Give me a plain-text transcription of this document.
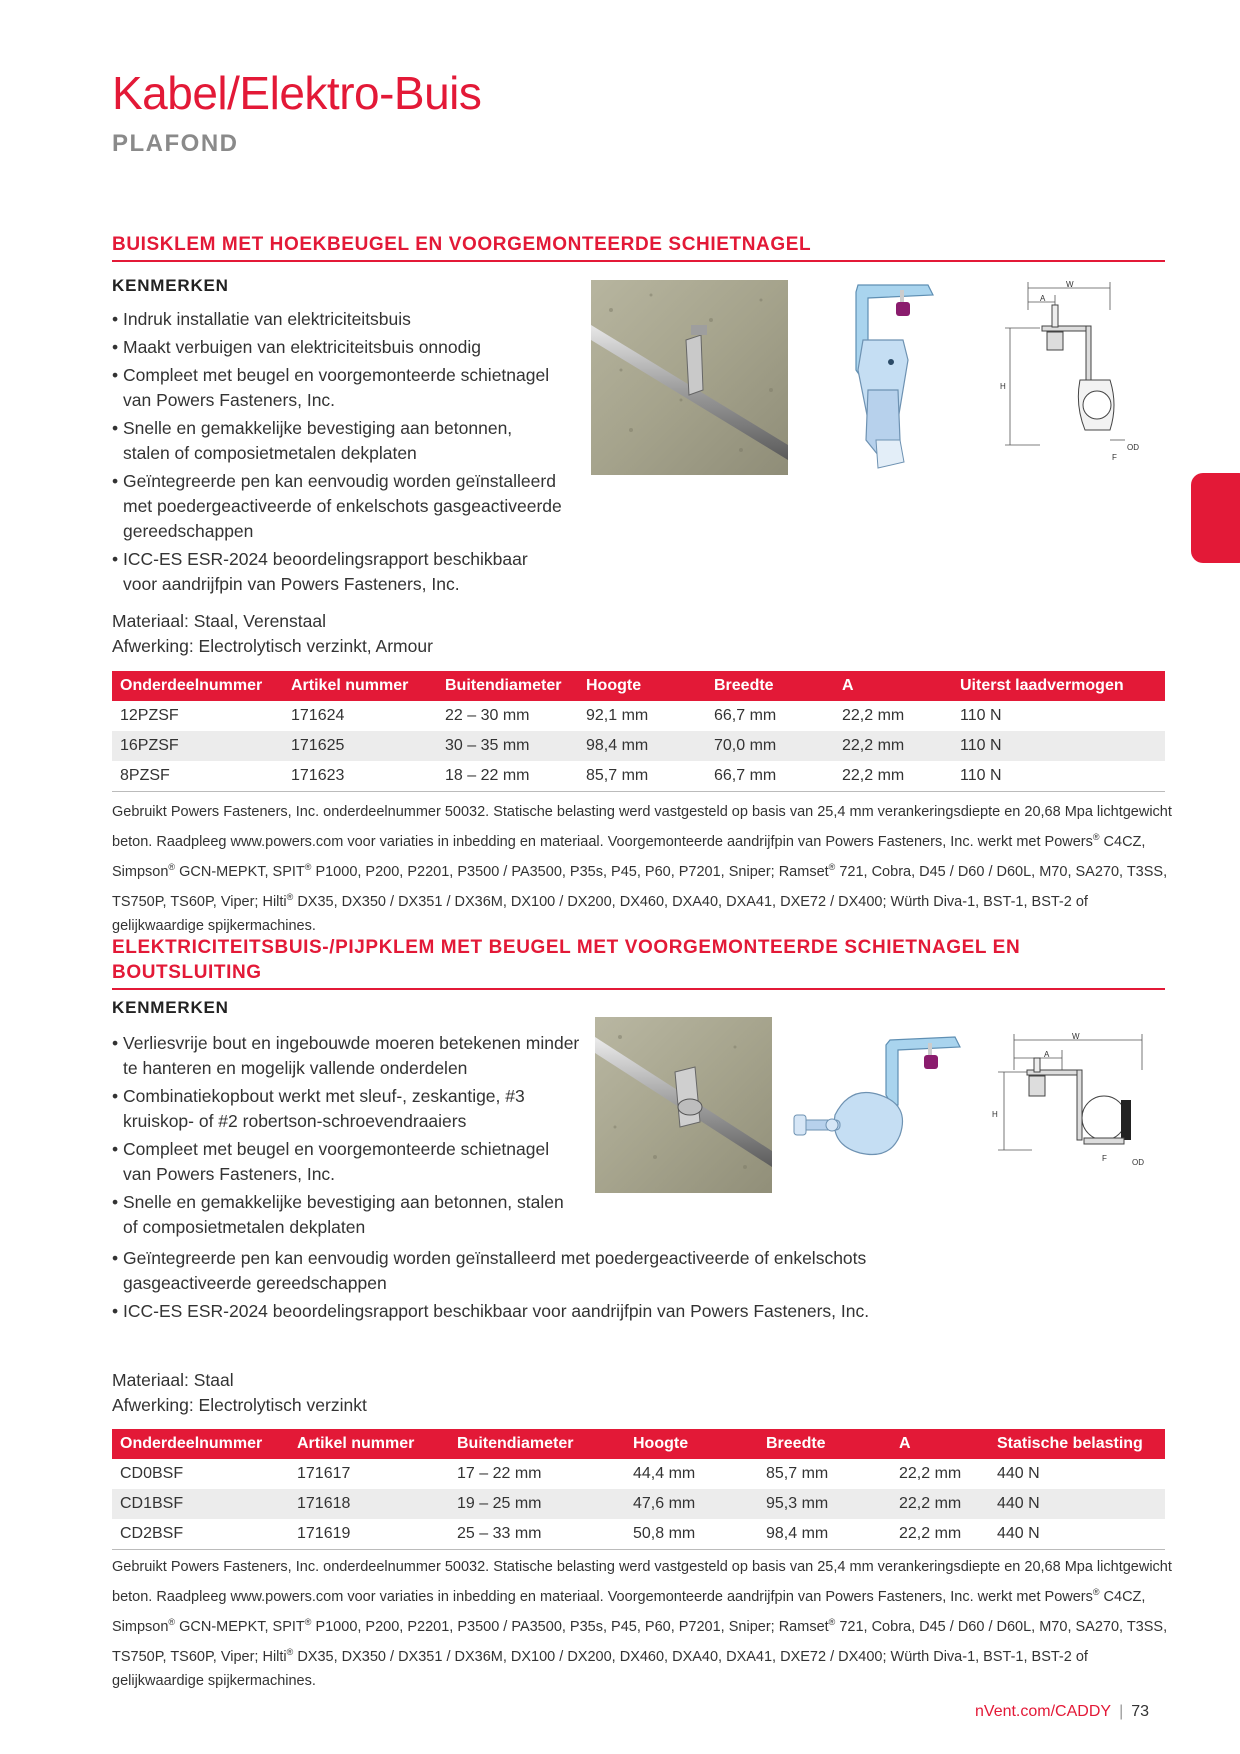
Kabel/Elektro-Buis
PLAFOND
BUISKLEM MET HOEKBEUGEL EN VOORGEMONTEERDE SCHIETNAGEL
KENMERKEN
• Indruk installatie van elektriciteitsbuis
• Maakt verbuigen van elektriciteitsbuis onnodig
• Compleet met beugel en voorgemonteerde schietnagel van Powers Fasteners, Inc.
• Snelle en gemakkelijke bevestiging aan betonnen, stalen of composietmetalen dekplaten
• Geïntegreerde pen kan eenvoudig worden geïnstalleerd met poedergeactiveerde of enkelschots gasgeactiveerde gereedschappen
• ICC-ES ESR-2024 beoordelingsrapport beschikbaar voor aandrijfpin van Powers Fasteners, Inc.
Materiaal: Staal, Verenstaal
Afwerking: Electrolytisch verzinkt, Armour
W
A
H
OD
F
Onderdeelnummer	Artikel nummer	Buitendiameter	Hoogte	Breedte	A	Uiterst laadvermogen
12PZSF	171624	22 – 30 mm	92,1 mm	66,7 mm	22,2 mm	110 N
16PZSF	171625	30 – 35 mm	98,4 mm	70,0 mm	22,2 mm	110 N
8PZSF	171623	18 – 22 mm	85,7 mm	66,7 mm	22,2 mm	110 N
Gebruikt Powers Fasteners, Inc. onderdeelnummer 50032. Statische belasting werd vastgesteld op basis van 25,4 mm verankeringsdiepte en 20,68 Mpa lichtgewicht beton. Raadpleeg www.powers.com voor variaties in inbedding en materiaal. Voorgemonteerde aandrijfpin van Powers Fasteners, Inc. werkt met Powers® C4CZ, Simpson® GCN-MEPKT, SPIT® P1000, P200, P2201, P3500 / PA3500, P35s, P45, P60, P7201, Sniper; Ramset® 721, Cobra, D45 / D60 / D60L, M70, SA270, T3SS, TS750P, TS60P, Viper; Hilti® DX35, DX350 / DX351 / DX36M, DX100 / DX200, DX460, DXA40, DXA41, DXE72 / DX400; Würth Diva-1, BST-1, BST-2 of gelijkwaardige spijkermachines.
ELEKTRICITEITSBUIS-/PIJPKLEM MET BEUGEL MET VOORGEMONTEERDE SCHIETNAGEL EN
BOUTSLUITING
KENMERKEN
• Verliesvrije bout en ingebouwde moeren betekenen minder te hanteren en mogelijk vallende onderdelen
• Combinatiekopbout werkt met sleuf-, zeskantige, #3 kruiskop- of #2 robertson-schroevendraaiers
• Compleet met beugel en voorgemonteerde schietnagel van Powers Fasteners, Inc.
• Snelle en gemakkelijke bevestiging aan betonnen, stalen of composietmetalen dekplaten
• Geïntegreerde pen kan eenvoudig worden geïnstalleerd met poedergeactiveerde of enkelschots gasgeactiveerde gereedschappen
• ICC-ES ESR-2024 beoordelingsrapport beschikbaar voor aandrijfpin van Powers Fasteners, Inc.
Materiaal: Staal
Afwerking: Electrolytisch verzinkt
W
A
H
OD
F
Onderdeelnummer	Artikel nummer	Buitendiameter	Hoogte	Breedte	A	Statische belasting
CD0BSF	171617	17 – 22 mm	44,4 mm	85,7 mm	22,2 mm	440 N
CD1BSF	171618	19 – 25 mm	47,6 mm	95,3 mm	22,2 mm	440 N
CD2BSF	171619	25 – 33 mm	50,8 mm	98,4 mm	22,2 mm	440 N
Gebruikt Powers Fasteners, Inc. onderdeelnummer 50032. Statische belasting werd vastgesteld op basis van 25,4 mm verankeringsdiepte en 20,68 Mpa lichtgewicht beton. Raadpleeg www.powers.com voor variaties in inbedding en materiaal. Voorgemonteerde aandrijfpin van Powers Fasteners, Inc. werkt met Powers® C4CZ, Simpson® GCN-MEPKT, SPIT® P1000, P200, P2201, P3500 / PA3500, P35s, P45, P60, P7201, Sniper; Ramset® 721, Cobra, D45 / D60 / D60L, M70, SA270, T3SS, TS750P, TS60P, Viper; Hilti® DX35, DX350 / DX351 / DX36M, DX100 / DX200, DX460, DXA40, DXA41, DXE72 / DX400; Würth Diva-1, BST-1, BST-2 of gelijkwaardige spijkermachines.
nVent.com/CADDY | 73
